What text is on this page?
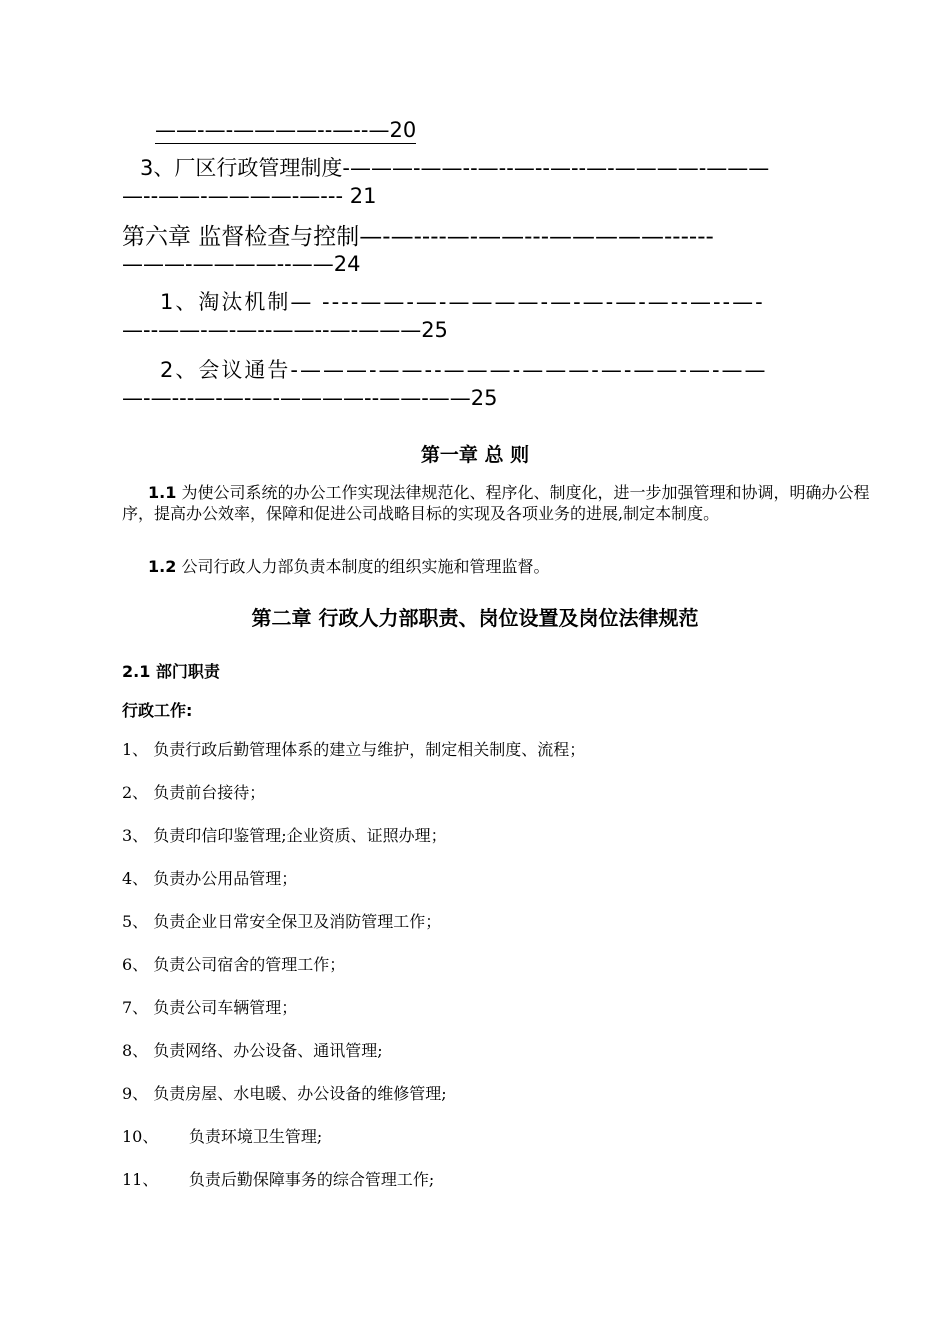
——-—-————--—--—20
3、厂区行政管理制度-———-——--—--—--—--—-————-———
—--——-————-—--- 21
第六章 监督检查与控制—-—----—-——---—————------
———-————--——24
1、淘汰机制— ----——-—-————-—-—-—-—--—--—-
—--——-—-—--——--—-———25
2、会议通告-———-——--———-———-—-——-—-——
—-—---—-—-—-————--——-——25
第一章 总 则
1.1 为使公司系统的办公工作实现法律规范化、程序化、制度化，进一步加强管理和协调，明确办公程序，提高办公效率，保障和促进公司战略目标的实现及各项业务的进展,制定本制度。
1.2 公司行政人力部负责本制度的组织实施和管理监督。
第二章 行政人力部职责、岗位设置及岗位法律规范
2.1 部门职责
行政工作:
1、 负责行政后勤管理体系的建立与维护，制定相关制度、流程；
2、 负责前台接待；
3、 负责印信印鉴管理;企业资质、证照办理；
4、 负责办公用品管理；
5、 负责企业日常安全保卫及消防管理工作；
6、 负责公司宿舍的管理工作；
7、 负责公司车辆管理；
8、 负责网络、办公设备、通讯管理;
9、 负责房屋、水电暖、办公设备的维修管理;
10、      负责环境卫生管理;
11、      负责后勤保障事务的综合管理工作;
